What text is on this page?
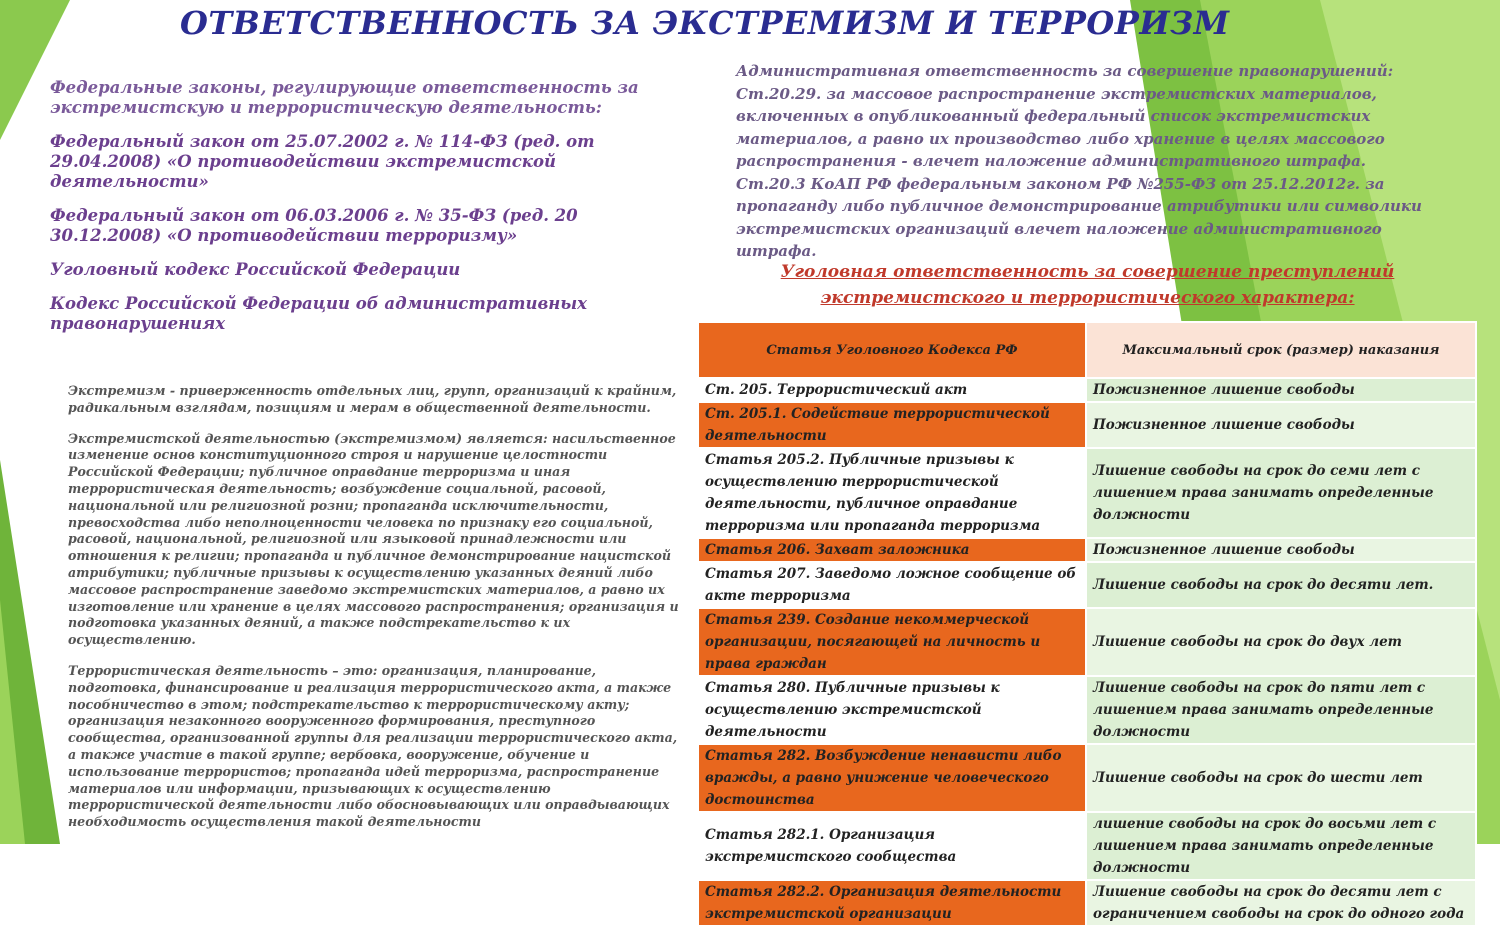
ОТВЕТСТВЕННОСТЬ ЗА ЭКСТРЕМИЗМ И ТЕРРОРИЗМ

Федеральные законы, регулирующие ответственность за экстремистскую и террористическую деятельность:

Федеральный закон от 25.07.2002 г. № 114-ФЗ (ред. от 29.04.2008) «О противодействии экстремистской деятельности»

Федеральный закон от 06.03.2006 г. № 35-ФЗ (ред. 20 30.12.2008) «О противодействии терроризму»

Уголовный кодекс Российской Федерации

Кодекс Российской Федерации об административных правонарушениях

Экстремизм - приверженность отдельных лиц, групп, организаций к крайним, радикальным взглядам, позициям и мерам в общественной деятельности.

Экстремистской деятельностью (экстремизмом) является: насильственное изменение основ конституционного строя и нарушение целостности Российской Федерации; публичное оправдание терроризма и иная террористическая деятельность; возбуждение социальной, расовой, национальной или религиозной розни; пропаганда исключительности, превосходства либо неполноценности человека по признаку его социальной, расовой, национальной, религиозной или языковой принадлежности или отношения к религии; пропаганда и публичное демонстрирование нацистской атрибутики; публичные призывы к осуществлению указанных деяний либо массовое распространение заведомо экстремистских материалов, а равно их изготовление или хранение в целях массового распространения; организация и подготовка указанных деяний, а также подстрекательство к их осуществлению.

Террористическая деятельность – это: организация, планирование, подготовка, финансирование и реализация террористического акта, а также пособничество в этом; подстрекательство к террористическому акту; организация незаконного вооруженного формирования, преступного сообщества, организованной группы для реализации террористического акта, а также участие в такой группе; вербовка, вооружение, обучение и использование террористов; пропаганда идей терроризма, распространение материалов или информации, призывающих к осуществлению террористической деятельности либо обосновывающих или оправдывающих необходимость осуществления такой деятельности

Административная ответственность за совершение правонарушений:
Ст.20.29. за массовое распространение экстремистских материалов, включенных в опубликованный федеральный список экстремистских материалов, а равно их производство либо хранение в целях массового распространения - влечет наложение административного штрафа.
Ст.20.3 КоАП РФ федеральным законом РФ №255-ФЗ от 25.12.2012г. за пропаганду либо публичное демонстрирование атрибутики или символики экстремистских организаций влечет наложение административного штрафа.
Уголовная ответственность за совершение преступлений экстремистского и террористического характера:
Статья Уголовного Кодекса РФ	Максимальный срок (размер) наказания
Ст. 205. Террористический акт	Пожизненное лишение свободы
Ст. 205.1. Содействие террористической деятельности	Пожизненное лишение свободы
Статья 205.2. Публичные призывы к осуществлению террористической деятельности, публичное оправдание терроризма или пропаганда терроризма	Лишение свободы на срок до семи лет с лишением права занимать определенные должности
Статья 206. Захват заложника	Пожизненное лишение свободы
Статья 207. Заведомо ложное сообщение об акте терроризма	Лишение свободы на срок до десяти лет.
Статья 239. Создание некоммерческой организации, посягающей на личность и права граждан	Лишение свободы на срок до двух лет
Статья 280. Публичные призывы к осуществлению экстремистской деятельности	Лишение свободы на срок до пяти лет с лишением права занимать определенные должности
Статья 282. Возбуждение ненависти либо вражды, а равно унижение человеческого достоинства	Лишение свободы на срок до шести лет
Статья 282.1. Организация экстремистского сообщества	лишение свободы на срок до восьми лет с лишением права занимать определенные должности
Статья 282.2. Организация деятельности экстремистской организации	Лишение свободы на срок до десяти лет с ограничением свободы на срок до одного года
